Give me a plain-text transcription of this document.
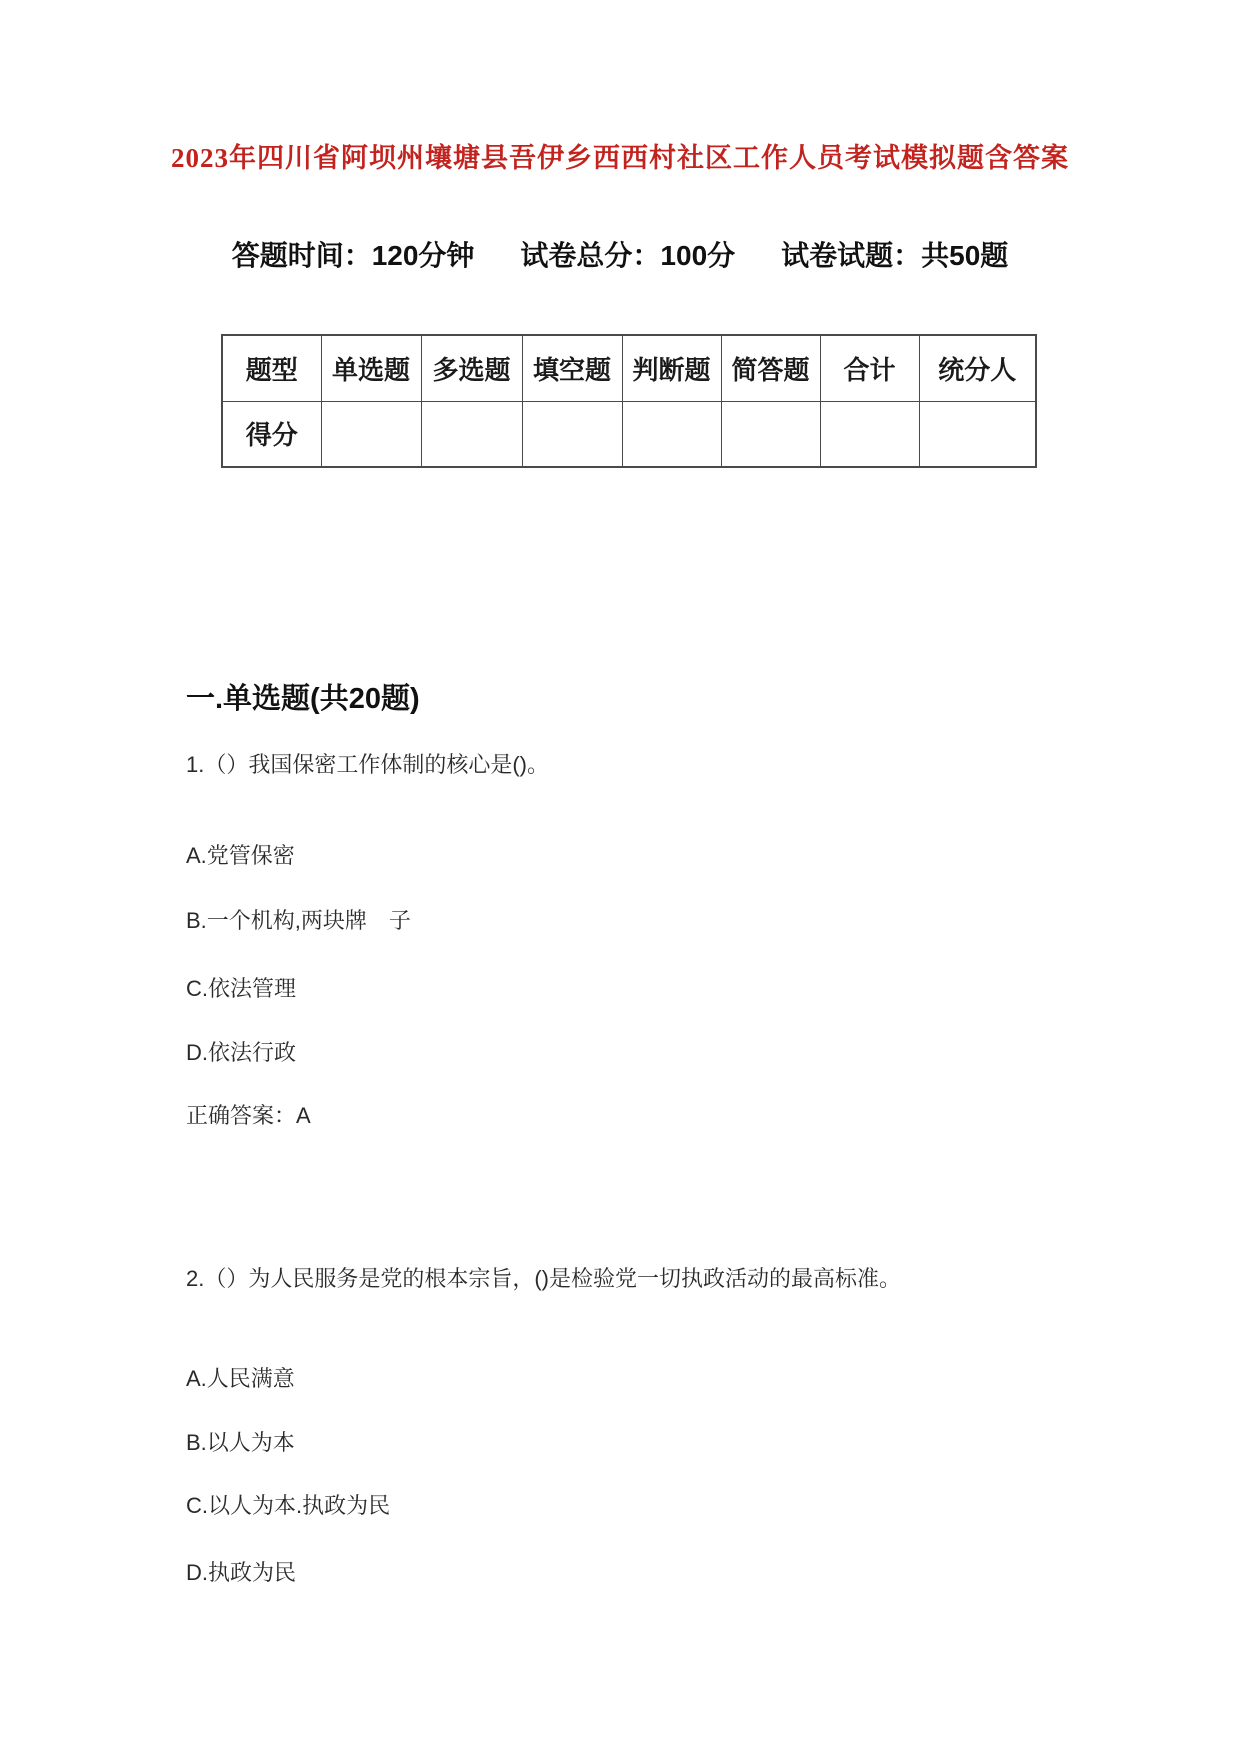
2023年四川省阿坝州壤塘县吾伊乡西西村社区工作人员考试模拟题含答案
答题时间：120分钟 试卷总分：100分 试卷试题：共50题
题型	单选题	多选题	填空题	判断题	简答题	合计	统分人
得分							
一.单选题(共20题)
1.（）我国保密工作体制的核心是()。
A.党管保密
B.一个机构,两块牌　子
C.依法管理
D.依法行政
正确答案：A
2.（）为人民服务是党的根本宗旨，()是检验党一切执政活动的最高标准。
A.人民满意
B.以人为本
C.以人为本.执政为民
D.执政为民
